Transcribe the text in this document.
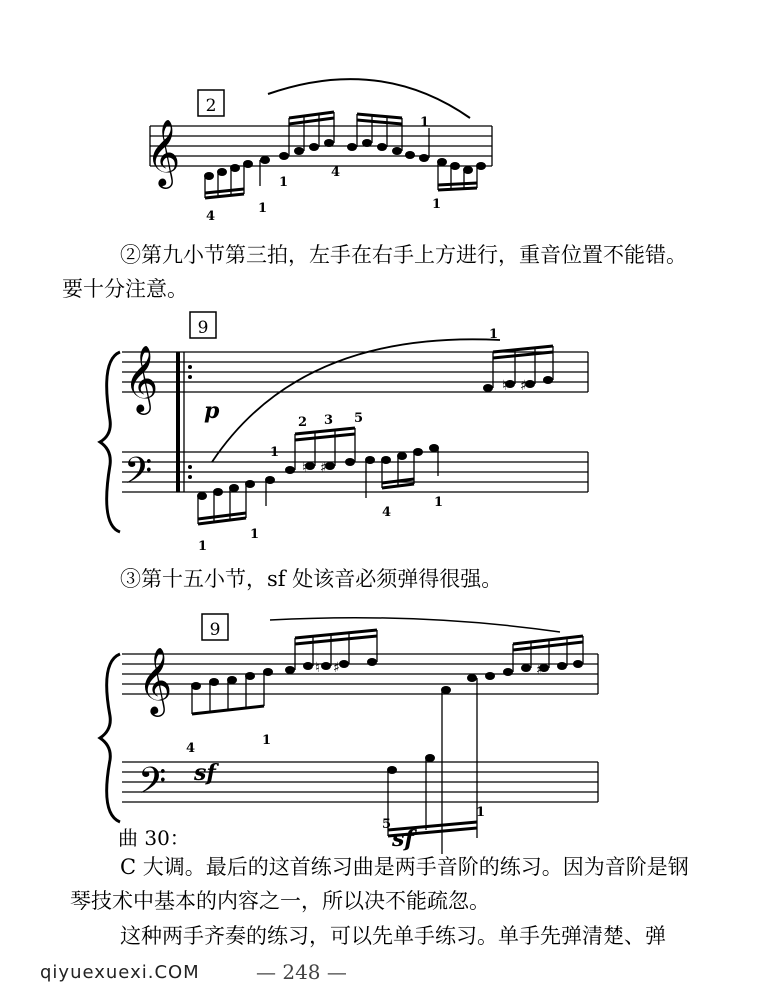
2
𝄞
4
1
1
4
1
1
②第九小节第三拍，左手在右手上方进行，重音位置不能错。
要十分注意。
9
𝄞
𝄢
p
♮ ♯
♮ ♯
1
1
2 3 5
1
1
4
1
③第十五小节，sf 处该音必须弹得很强。
9
𝄞
𝄢 sf
♮ ♯	♯
4
1
5
1
曲 30：	sf
C 大调。最后的这首练习曲是两手音阶的练习。因为音阶是钢
琴技术中基本的内容之一，所以决不能疏忽。
这种两手齐奏的练习，可以先单手练习。单手先弹清楚、弹
— 248 —
qiyuexuexi.COM
